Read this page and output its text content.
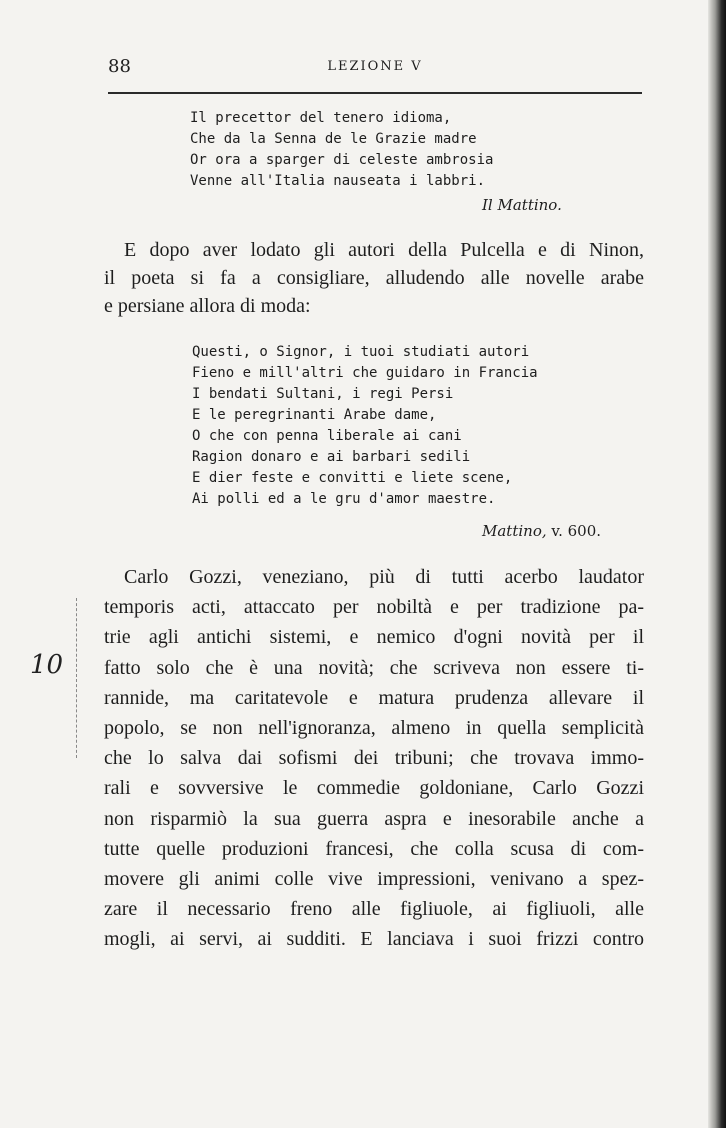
88	LEZIONE V
Il precettor del tenero idioma,
Che da la Senna de le Grazie madre
Or ora a sparger di celeste ambrosia
Venne all'Italia nauseata i labbri.
Il Mattino.
E dopo aver lodato gli autori della Pulcella e di Ninon,
il poeta si fa a consigliare, alludendo alle novelle arabe
e persiane allora di moda:
Questi, o Signor, i tuoi studiati autori
Fieno e mill'altri che guidaro in Francia
I bendati Sultani, i regi Persi
E le peregrinanti Arabe dame,
O che con penna liberale ai cani
Ragion donaro e ai barbari sedili
E dier feste e convitti e liete scene,
Ai polli ed a le gru d'amor maestre.
Mattino, v. 600.
Carlo Gozzi, veneziano, più di tutti acerbo laudator
temporis acti, attaccato per nobiltà e per tradizione pa-
trie agli antichi sistemi, e nemico d'ogni novità per il
fatto solo che è una novità; che scriveva non essere ti-
rannide, ma caritatevole e matura prudenza allevare il
popolo, se non nell'ignoranza, almeno in quella semplicità
che lo salva dai sofismi dei tribuni; che trovava immo-
rali e sovversive le commedie goldoniane, Carlo Gozzi
non risparmiò la sua guerra aspra e inesorabile anche a
tutte quelle produzioni francesi, che colla scusa di com-
movere gli animi colle vive impressioni, venivano a spez-
zare il necessario freno alle figliuole, ai figliuoli, alle
mogli, ai servi, ai sudditi. E lanciava i suoi frizzi contro
10
